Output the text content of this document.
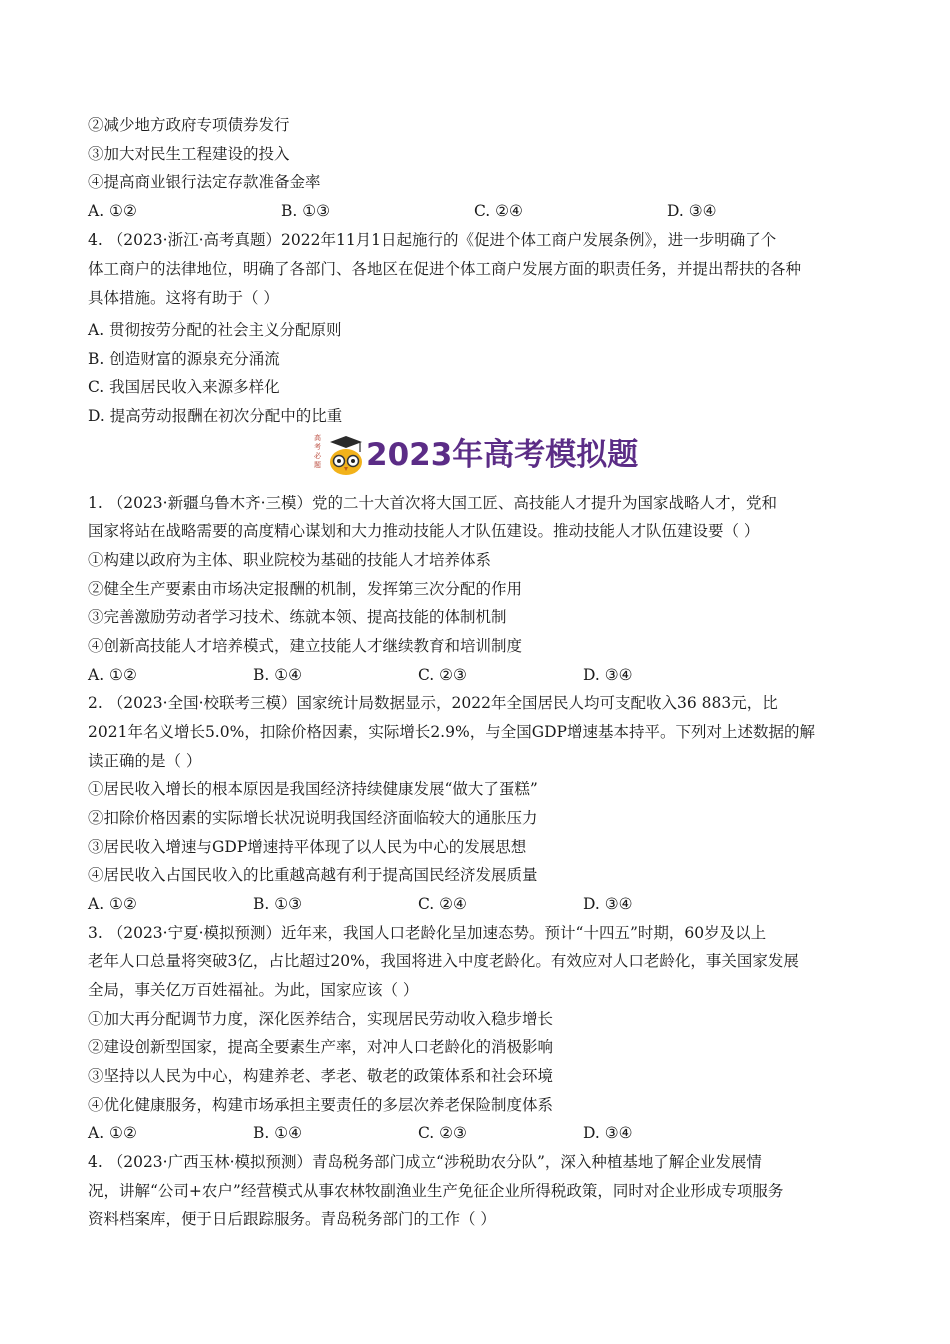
②减少地方政府专项债券发行
③加大对民生工程建设的投入
④提高商业银行法定存款准备金率
A. ①②	B. ①③	C. ②④	D. ③④
4. （2023·浙江·高考真题）2022年11月1日起施行的《促进个体工商户发展条例》，进一步明确了个
体工商户的法律地位，明确了各部门、各地区在促进个体工商户发展方面的职责任务，并提出帮扶的各种
具体措施。这将有助于（ ）
A. 贯彻按劳分配的社会主义分配原则
B. 创造财富的源泉充分涌流
C. 我国居民收入来源多样化
D. 提高劳动报酬在初次分配中的比重
高
考
必
题 2023年高考模拟题
1. （2023·新疆乌鲁木齐·三模）党的二十大首次将大国工匠、高技能人才提升为国家战略人才，党和
国家将站在战略需要的高度精心谋划和大力推动技能人才队伍建设。推动技能人才队伍建设要（ ）
①构建以政府为主体、职业院校为基础的技能人才培养体系
②健全生产要素由市场决定报酬的机制，发挥第三次分配的作用
③完善激励劳动者学习技术、练就本领、提高技能的体制机制
④创新高技能人才培养模式，建立技能人才继续教育和培训制度
A. ①②	B. ①④	C. ②③	D. ③④
2. （2023·全国·校联考三模）国家统计局数据显示，2022年全国居民人均可支配收入36 883元，比
2021年名义增长5.0%，扣除价格因素，实际增长2.9%，与全国GDP增速基本持平。下列对上述数据的解
读正确的是（ ）
①居民收入增长的根本原因是我国经济持续健康发展“做大了蛋糕”
②扣除价格因素的实际增长状况说明我国经济面临较大的通胀压力
③居民收入增速与GDP增速持平体现了以人民为中心的发展思想
④居民收入占国民收入的比重越高越有利于提高国民经济发展质量
A. ①②	B. ①③	C. ②④	D. ③④
3. （2023·宁夏·模拟预测）近年来，我国人口老龄化呈加速态势。预计“十四五”时期，60岁及以上
老年人口总量将突破3亿，占比超过20%，我国将进入中度老龄化。有效应对人口老龄化，事关国家发展
全局，事关亿万百姓福祉。为此，国家应该（ ）
①加大再分配调节力度，深化医养结合，实现居民劳动收入稳步增长
②建设创新型国家，提高全要素生产率，对冲人口老龄化的消极影响
③坚持以人民为中心，构建养老、孝老、敬老的政策体系和社会环境
④优化健康服务，构建市场承担主要责任的多层次养老保险制度体系
A. ①②	B. ①④	C. ②③	D. ③④
4. （2023·广西玉林·模拟预测）青岛税务部门成立“涉税助农分队”，深入种植基地了解企业发展情
况，讲解“公司+农户”经营模式从事农林牧副渔业生产免征企业所得税政策，同时对企业形成专项服务
资料档案库，便于日后跟踪服务。青岛税务部门的工作（ ）
